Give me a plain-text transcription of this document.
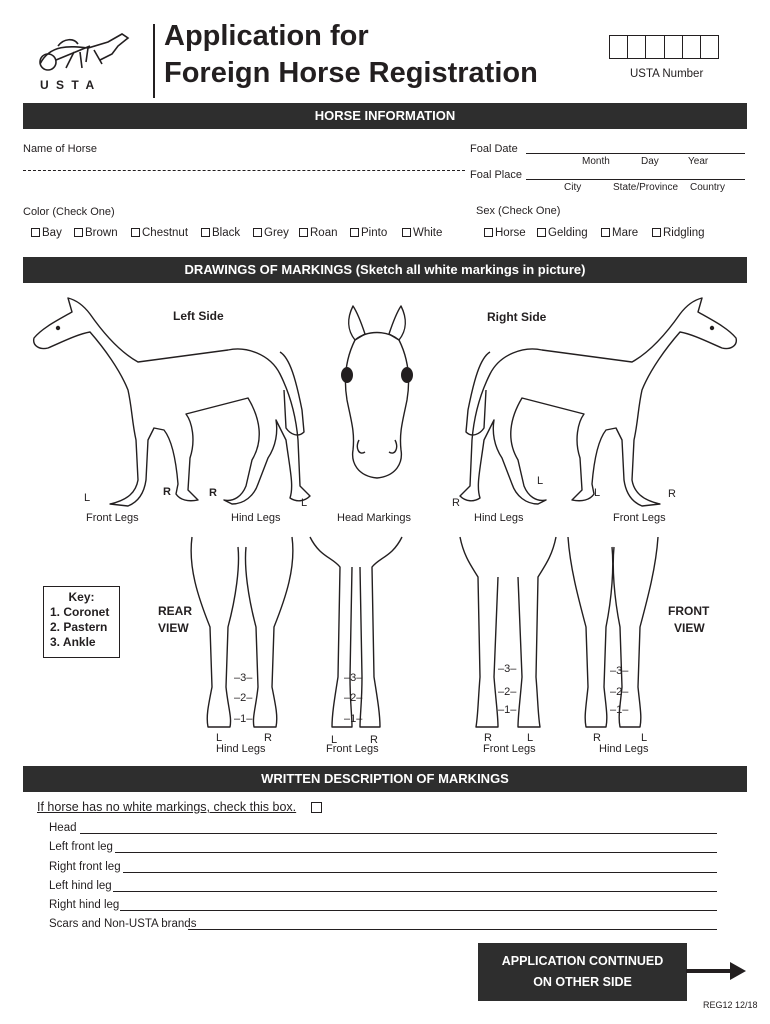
U S T A
Application for
Foreign Horse Registration	USTA Number
HORSE INFORMATION
Name of Horse	Foal Date
Month	Day	Year
Foal Place
City	State/Province Country
Color (Check One)	Sex (Check One)
Bay	Brown	Chestnut	Black	Grey	Roan	Pinto	White	Horse	Gelding	Mare	Ridgling
DRAWINGS OF MARKINGS (Sketch all white markings in picture)
Left Side	Right Side
L	R	R
L	R
L
L	R
Front Legs	Hind Legs	Head Markings	Hind Legs	Front Legs
Key:
1. Coronet
2. Pastern
3. Ankle
REAR
VIEW
FRONT
VIEW
–3–
–2–
–1–
–3–
–2–
–1–
–3–
–2–
–1–
–3–
–2–
–1–
L	R	L	R	R	L	R	L
Hind Legs	Front Legs	Front Legs	Hind Legs
WRITTEN DESCRIPTION OF MARKINGS
If horse has no white markings, check this box.
Head
Left front leg
Right front leg
Left hind leg
Right hind leg
Scars and Non-USTA brands
APPLICATION CONTINUED
ON OTHER SIDE
REG12 12/18
